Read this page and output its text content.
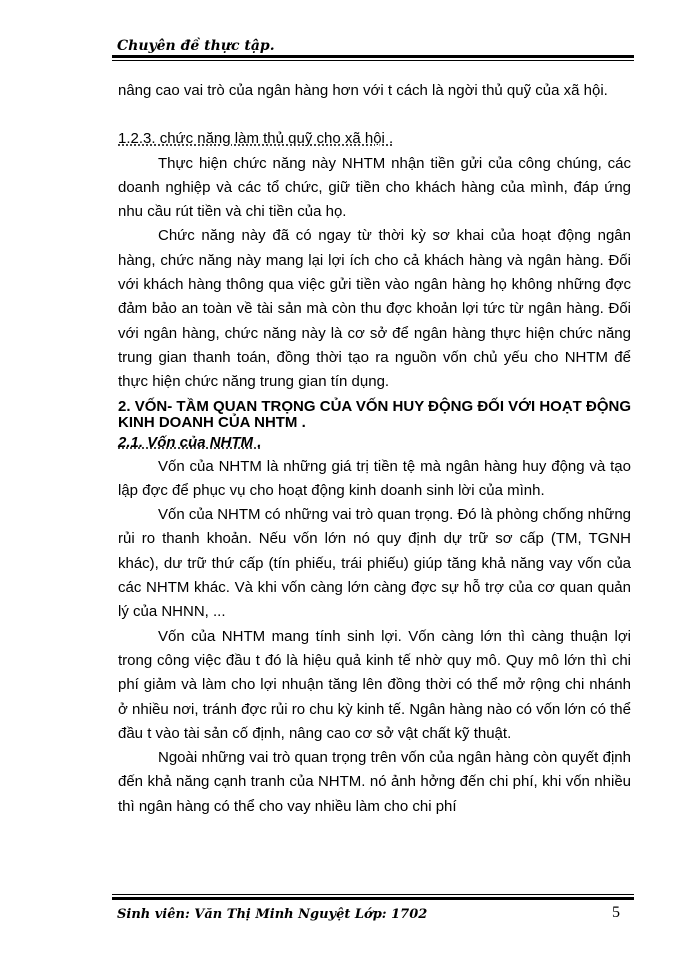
Chuyên đề thực tập.

nâng cao vai trò của ngân hàng hơn với t cách là ngời thủ quỹ của xã hội.

1.2.3. chức năng làm thủ quỹ cho xã hội .

Thực hiện chức năng này NHTM nhận tiền gửi của công chúng, các doanh nghiệp và các tổ chức, giữ tiền cho khách hàng của mình, đáp ứng nhu cầu rút tiền và chi tiền của họ.

Chức năng này đã có ngay từ thời kỳ sơ khai của hoạt động ngân hàng, chức năng này mang lại lợi ích cho cả khách hàng và ngân hàng. Đối với khách hàng thông qua việc gửi tiền vào ngân hàng họ không những đợc đảm bảo an toàn về tài sản mà còn thu đợc khoản lợi tức từ ngân hàng. Đối với ngân hàng, chức năng này là cơ sở để ngân hàng thực hiện chức năng trung gian thanh toán, đồng thời tạo ra nguồn vốn chủ yếu cho NHTM để thực hiện chức năng trung gian tín dụng.

2. VỐN- TẦM QUAN TRỌNG CỦA VỐN HUY ĐỘNG ĐỐI VỚI HOẠT ĐỘNG KINH DOANH CỦA NHTM .

2.1. Vốn của NHTM .

Vốn của NHTM là những giá trị tiền tệ mà ngân hàng huy động và tạo lập đợc để phục vụ cho hoạt động kinh doanh sinh lời của mình.

Vốn của NHTM có những vai trò quan trọng. Đó là phòng chống những rủi ro thanh khoản. Nếu vốn lớn nó quy định dự trữ sơ cấp (TM, TGNH khác), dư trữ thứ cấp (tín phiếu, trái phiếu) giúp tăng khả năng vay vốn của các NHTM khác. Và khi vốn càng lớn càng đợc sự hỗ trợ của cơ quan quản lý của NHNN, ...

Vốn của NHTM mang tính sinh lợi. Vốn càng lớn thì càng thuận lợi trong công việc đầu t đó là hiệu quả kinh tế nhờ quy mô. Quy mô lớn thì chi phí giảm và làm cho lợi nhuận tăng lên đồng thời có thể mở rộng chi nhánh ở nhiều nơi, tránh đợc rủi ro chu kỳ kinh tế. Ngân hàng nào có vốn lớn có thể đầu t vào tài sản cố định, nâng cao cơ sở vật chất kỹ thuật.

Ngoài những vai trò quan trọng trên vốn của ngân hàng còn quyết định đến khả năng cạnh tranh của NHTM. nó ảnh hởng đến chi phí, khi vốn nhiều thì ngân hàng có thể cho vay nhiều làm cho chi phí

Sinh viên: Văn Thị Minh Nguyệt Lớp: 1702	5
